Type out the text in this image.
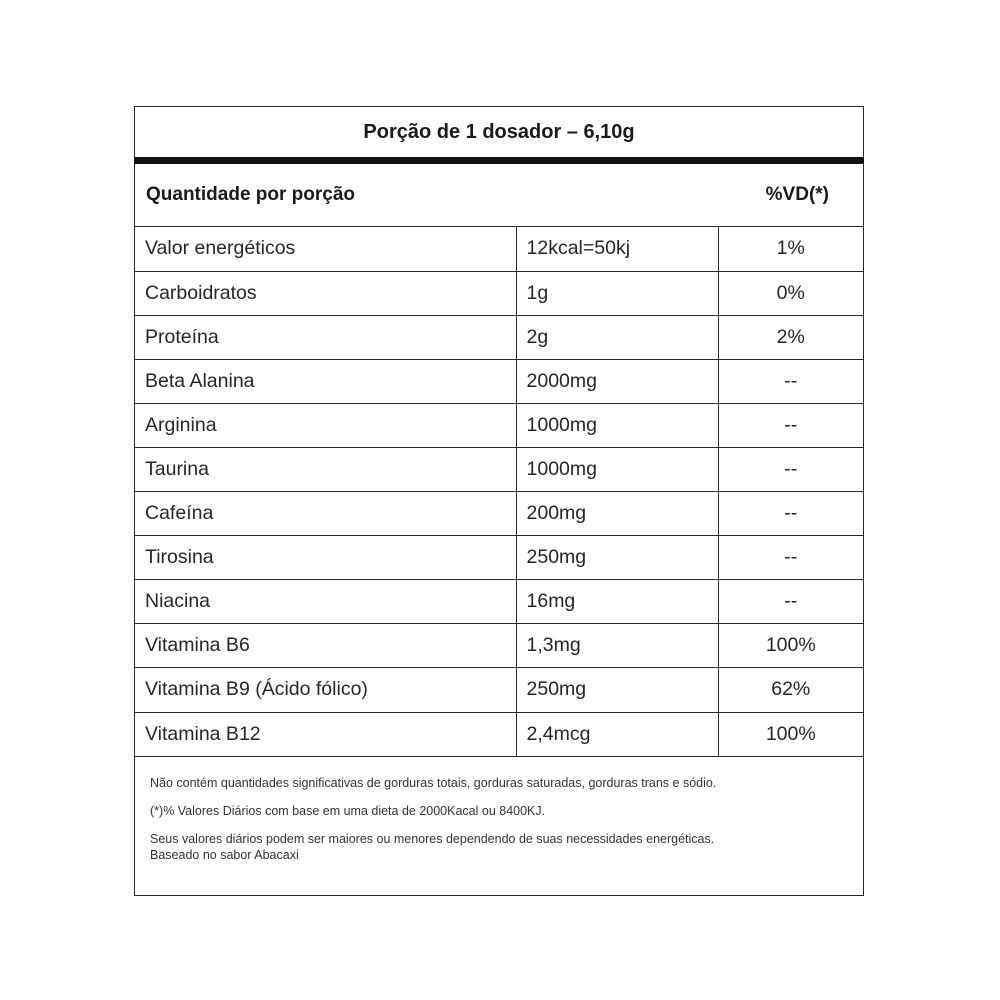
Porção de 1 dosador – 6,10g
Quantidade por porção	%VD(*)
Valor energéticos	12kcal=50kj	1%
Carboidratos	1g	0%
Proteína	2g	2%
Beta Alanina	2000mg	--
Arginina	1000mg	--
Taurina	1000mg	--
Cafeína	200mg	--
Tirosina	250mg	--
Niacina	16mg	--
Vitamina B6	1,3mg	100%
Vitamina B9 (Ácido fólico)	250mg	62%
Vitamina B12	2,4mcg	100%

Não contém quantidades significativas de gorduras totais, gorduras saturadas, gorduras trans e sódio.

(*)% Valores Diários com base em uma dieta de 2000Kacal ou 8400KJ.

Seus valores diários podem ser maiores ou menores dependendo de suas necessidades energéticas.

Baseado no sabor Abacaxi
